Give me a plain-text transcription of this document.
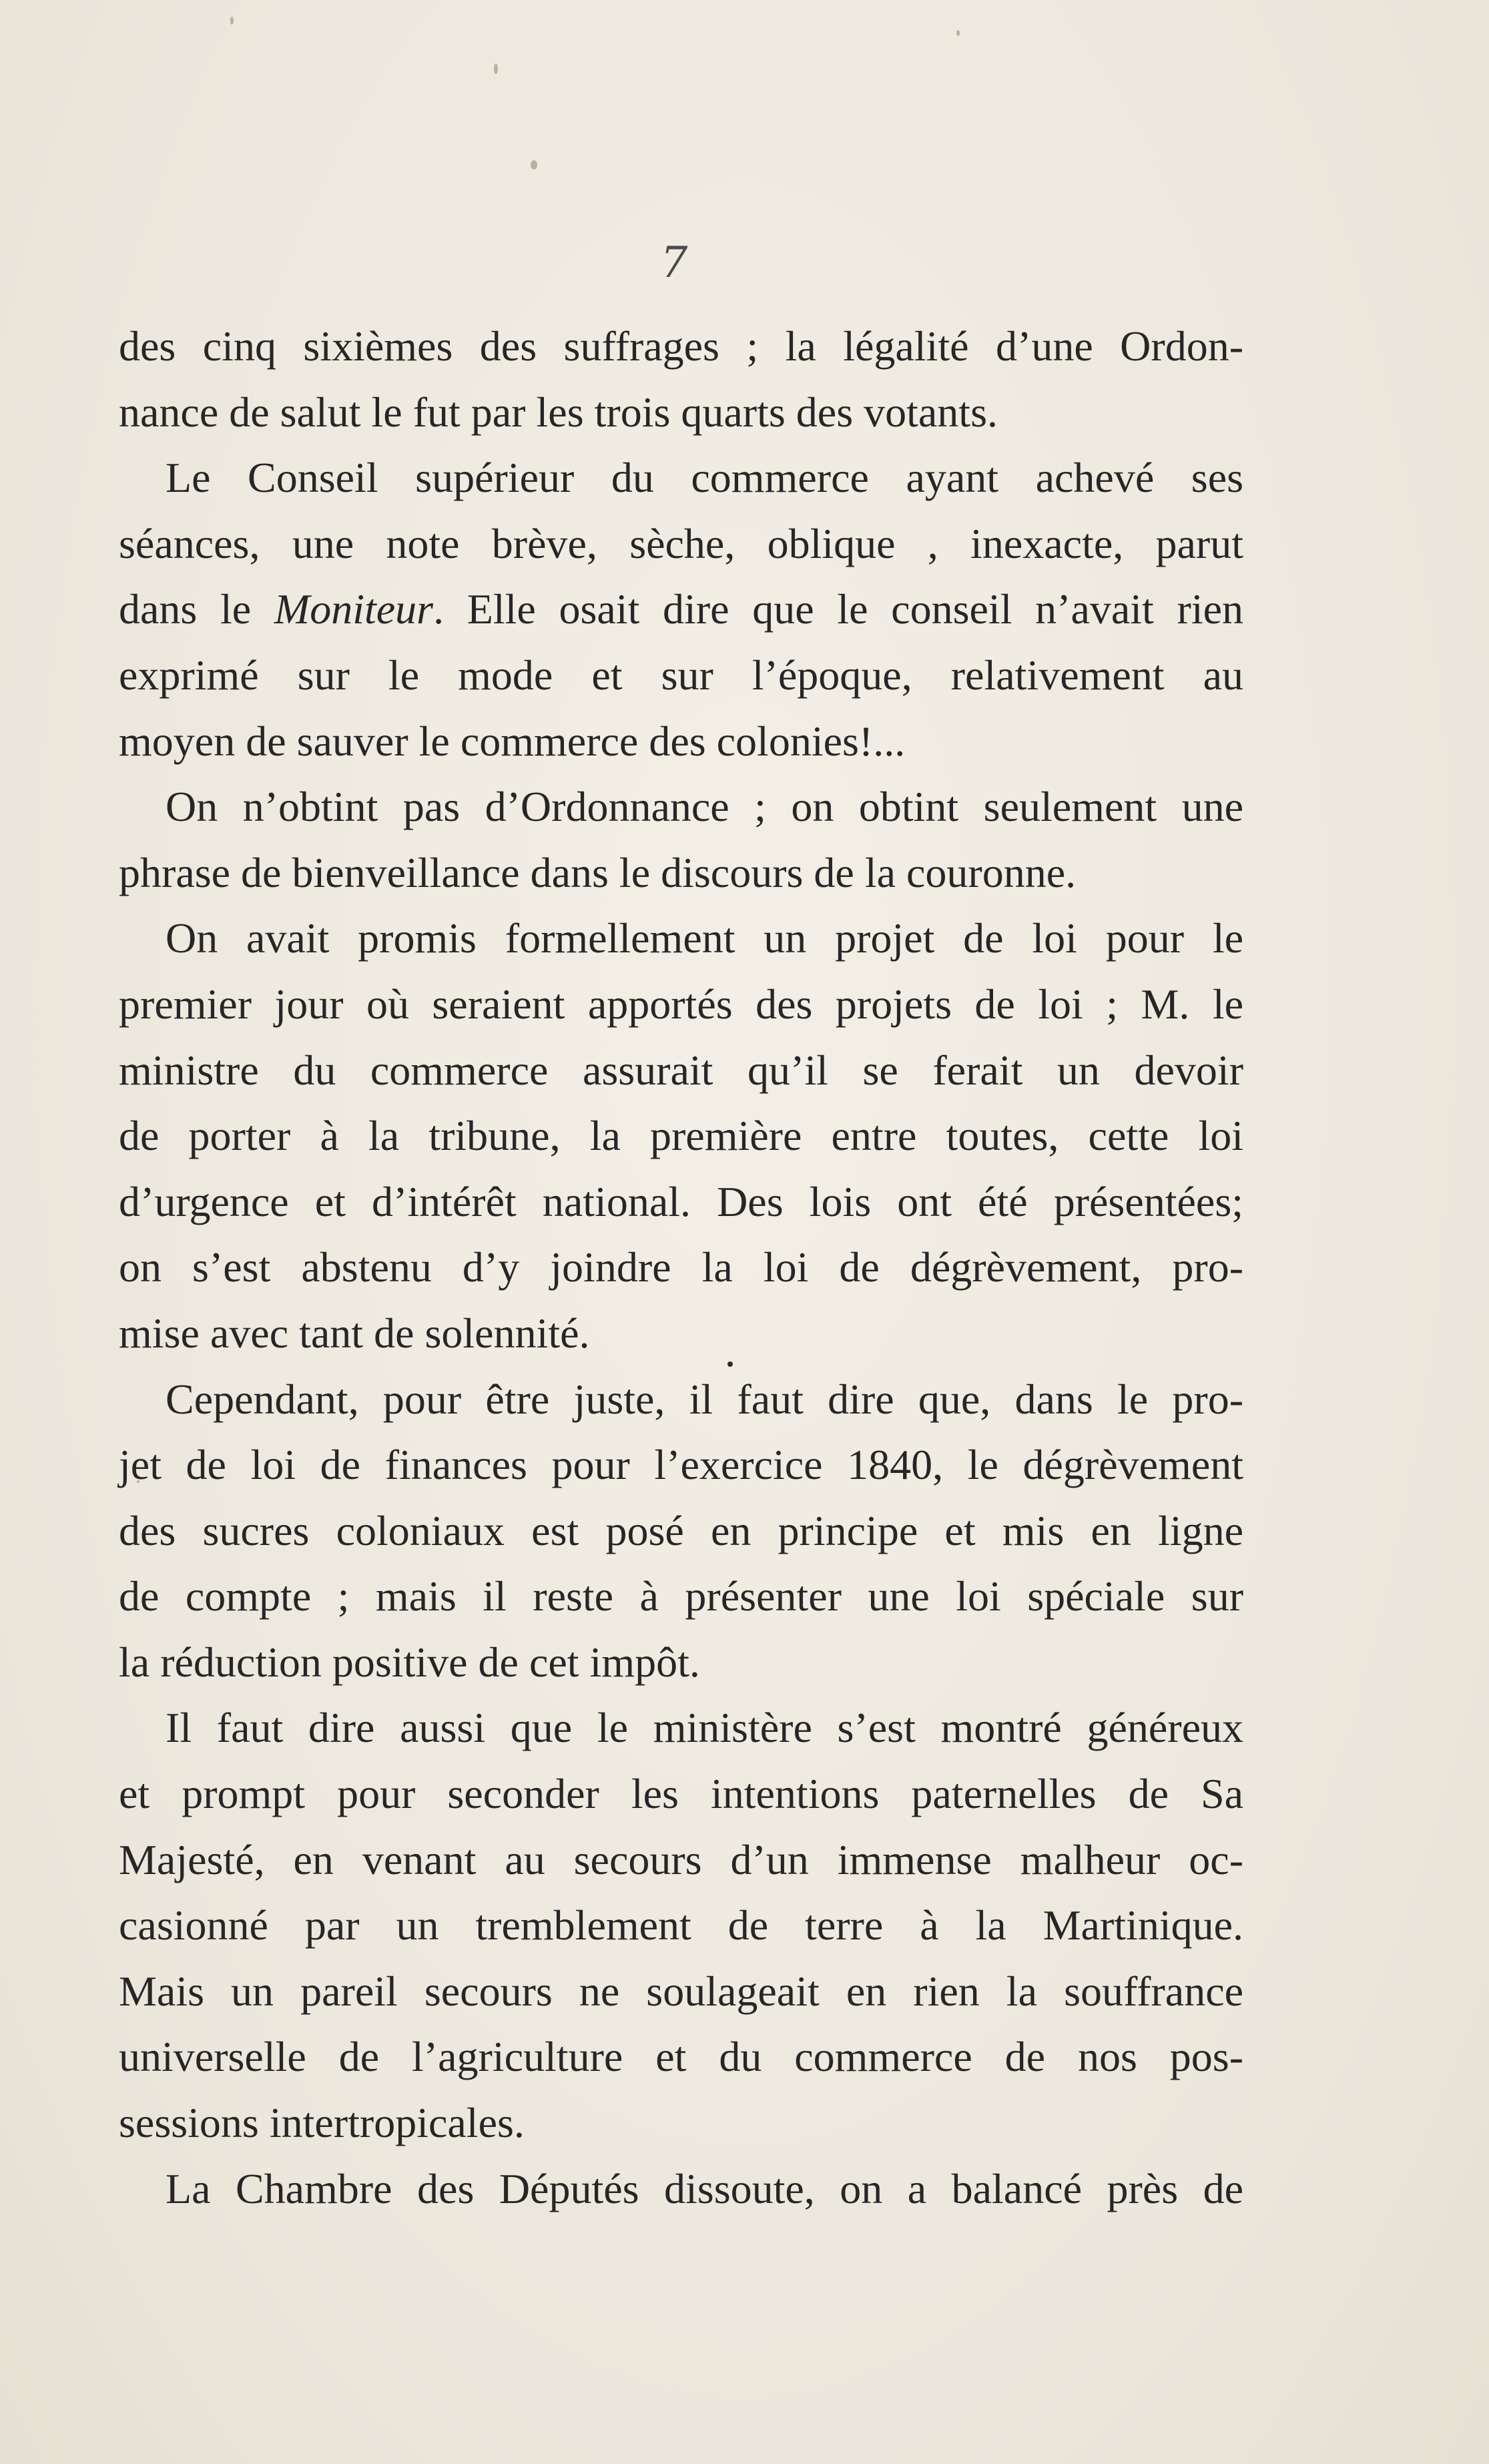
7
des cinq sixièmes des suffrages ; la légalité d’une Ordon-
nance de salut le fut par les trois quarts des votants.
Le Conseil supérieur du commerce ayant achevé ses
séances, une note brève, sèche, oblique , inexacte, parut
dans le Moniteur. Elle osait dire que le conseil n’avait rien
exprimé sur le mode et sur l’époque, relativement au
moyen de sauver le commerce des colonies!...
On n’obtint pas d’Ordonnance ; on obtint seulement une
phrase de bienveillance dans le discours de la couronne.
On avait promis formellement un projet de loi pour le
premier jour où seraient apportés des projets de loi ; M. le
ministre du commerce assurait qu’il se ferait un devoir
de porter à la tribune, la première entre toutes, cette loi
d’urgence et d’intérêt national. Des lois ont été présentées;
on s’est abstenu d’y joindre la loi de dégrèvement, pro-
mise avec tant de solennité.
Cependant, pour être juste, il faut dire que, dans le pro-
jet de loi de finances pour l’exercice 1840, le dégrèvement
des sucres coloniaux est posé en principe et mis en ligne
de compte ; mais il reste à présenter une loi spéciale sur
la réduction positive de cet impôt.
Il faut dire aussi que le ministère s’est montré généreux
et prompt pour seconder les intentions paternelles de Sa
Majesté, en venant au secours d’un immense malheur oc-
casionné par un tremblement de terre à la Martinique.
Mais un pareil secours ne soulageait en rien la souffrance
universelle de l’agriculture et du commerce de nos pos-
sessions intertropicales.
La Chambre des Députés dissoute, on a balancé près de
